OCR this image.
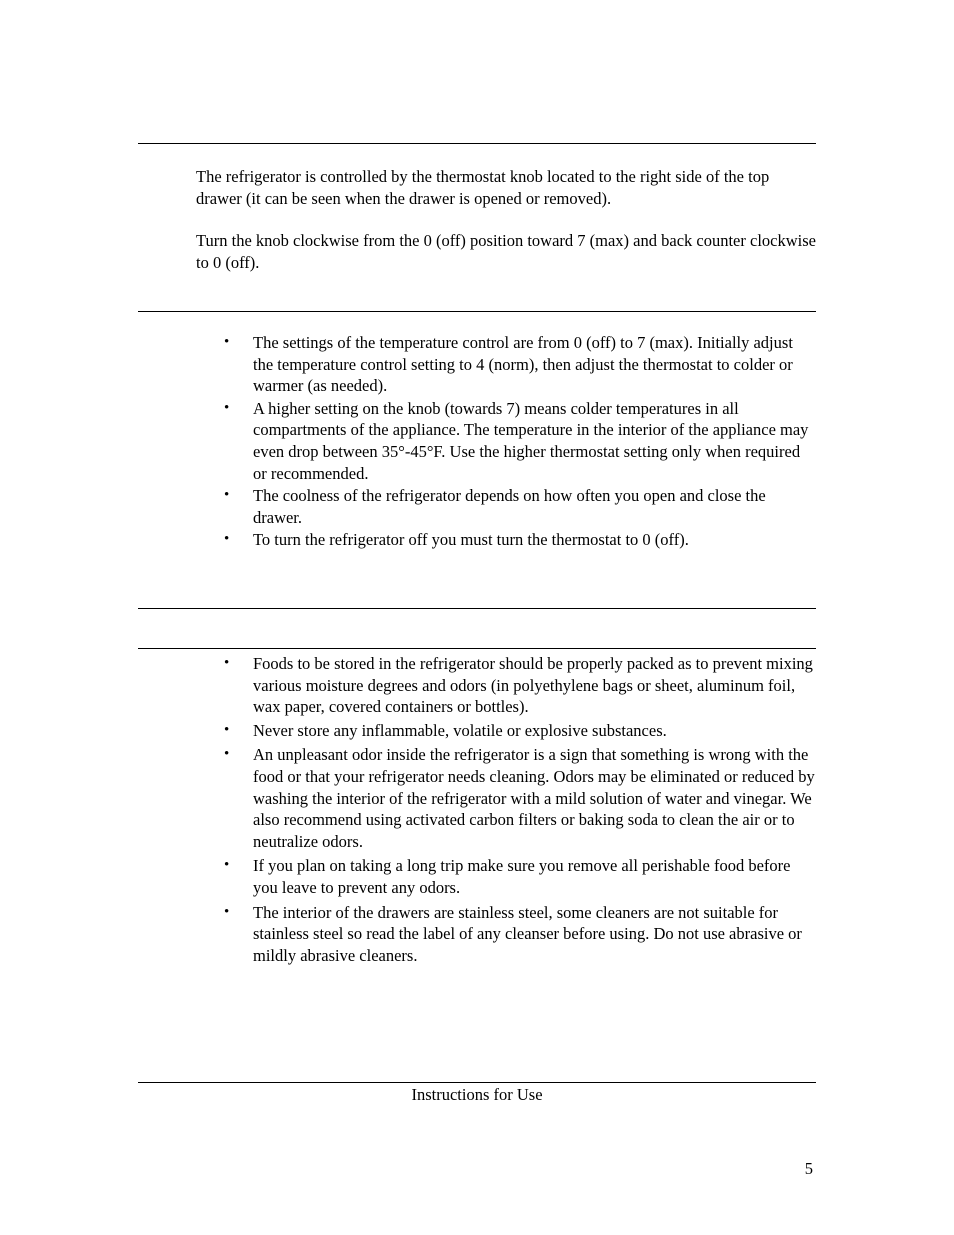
The refrigerator is controlled by the thermostat knob located to the right side of the top drawer (it can be seen when the drawer is opened or removed).

Turn the knob clockwise from the 0 (off) position toward 7 (max) and back counter clockwise to 0 (off).

•	The settings of the temperature control are from 0 (off) to 7 (max). Initially adjust the temperature control setting to 4 (norm), then adjust the thermostat to colder or warmer (as needed).
•	A higher setting on the knob (towards 7) means colder temperatures in all compartments of the appliance. The temperature in the interior of the appliance may even drop between 35°-45°F. Use the higher thermostat setting only when required or recommended.
•	The coolness of the refrigerator depends on how often you open and close the drawer.
•	To turn the refrigerator off you must turn the thermostat to 0 (off).
•	Foods to be stored in the refrigerator should be properly packed as to prevent mixing various moisture degrees and odors (in polyethylene bags or sheet, aluminum foil, wax paper, covered containers or bottles).
•	Never store any inflammable, volatile or explosive substances.
•	An unpleasant odor inside the refrigerator is a sign that something is wrong with the food or that your refrigerator needs cleaning. Odors may be eliminated or reduced by washing the interior of the refrigerator with a mild solution of water and vinegar. We also recommend using activated carbon filters or baking soda to clean the air or to neutralize odors.
•	If you plan on taking a long trip make sure you remove all perishable food before you leave to prevent any odors.
•	The interior of the drawers are stainless steel, some cleaners are not suitable for stainless steel so read the label of any cleanser before using. Do not use abrasive or mildly abrasive cleaners.
Instructions for Use
5
